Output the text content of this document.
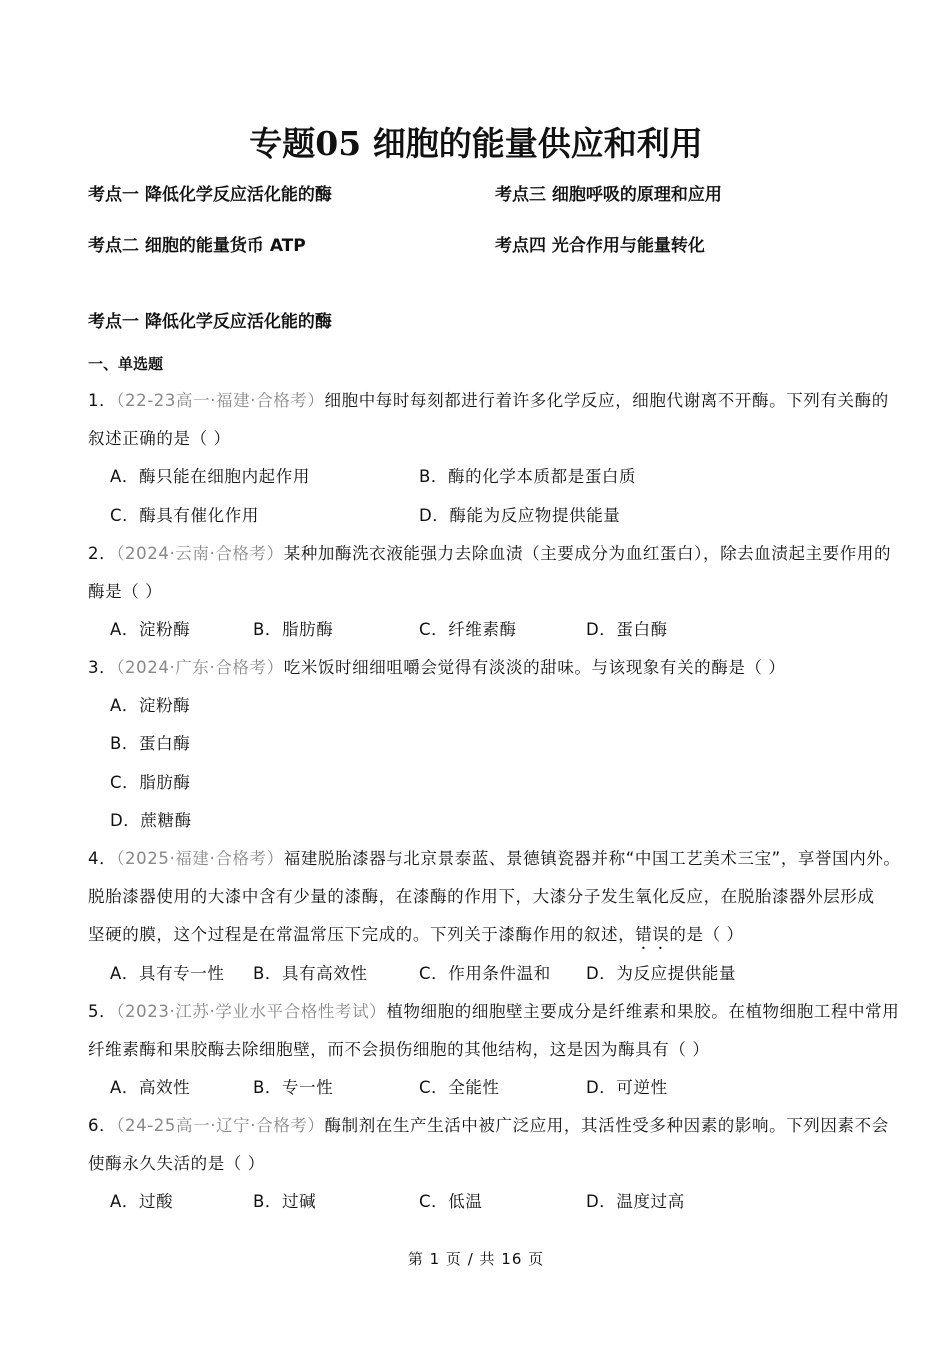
专题05 细胞的能量供应和利用
考点一 降低化学反应活化能的酶	考点三 细胞呼吸的原理和应用
考点二 细胞的能量货币 ATP	考点四 光合作用与能量转化
考点一 降低化学反应活化能的酶
一、单选题
1．（22-23高一·福建·合格考）细胞中每时每刻都进行着许多化学反应，细胞代谢离不开酶。下列有关酶的
叙述正确的是（ ）
A．酶只能在细胞内起作用	B．酶的化学本质都是蛋白质
C．酶具有催化作用	D．酶能为反应物提供能量
2．（2024·云南·合格考）某种加酶洗衣液能强力去除血渍（主要成分为血红蛋白），除去血渍起主要作用的
酶是（ ）
A．淀粉酶	B．脂肪酶	C．纤维素酶	D．蛋白酶
3．（2024·广东·合格考）吃米饭时细细咀嚼会觉得有淡淡的甜味。与该现象有关的酶是（ ）
A．淀粉酶
B．蛋白酶
C．脂肪酶
D．蔗糖酶
4．（2025·福建·合格考）福建脱胎漆器与北京景泰蓝、景德镇瓷器并称“中国工艺美术三宝”，享誉国内外。
脱胎漆器使用的大漆中含有少量的漆酶，在漆酶的作用下，大漆分子发生氧化反应，在脱胎漆器外层形成
坚硬的膜，这个过程是在常温常压下完成的。下列关于漆酶作用的叙述，错误的是（ ）
A．具有专一性 B．具有高效性	C．作用条件温和 D．为反应提供能量
5．（2023·江苏·学业水平合格性考试）植物细胞的细胞壁主要成分是纤维素和果胶。在植物细胞工程中常用
纤维素酶和果胶酶去除细胞壁，而不会损伤细胞的其他结构，这是因为酶具有（ ）
A．高效性	B．专一性	C．全能性	D．可逆性
6．（24-25高一·辽宁·合格考）酶制剂在生产生活中被广泛应用，其活性受多种因素的影响。下列因素不会
使酶永久失活的是（ ）
A．过酸	B．过碱	C．低温	D．温度过高
第 1 页 / 共 16 页
